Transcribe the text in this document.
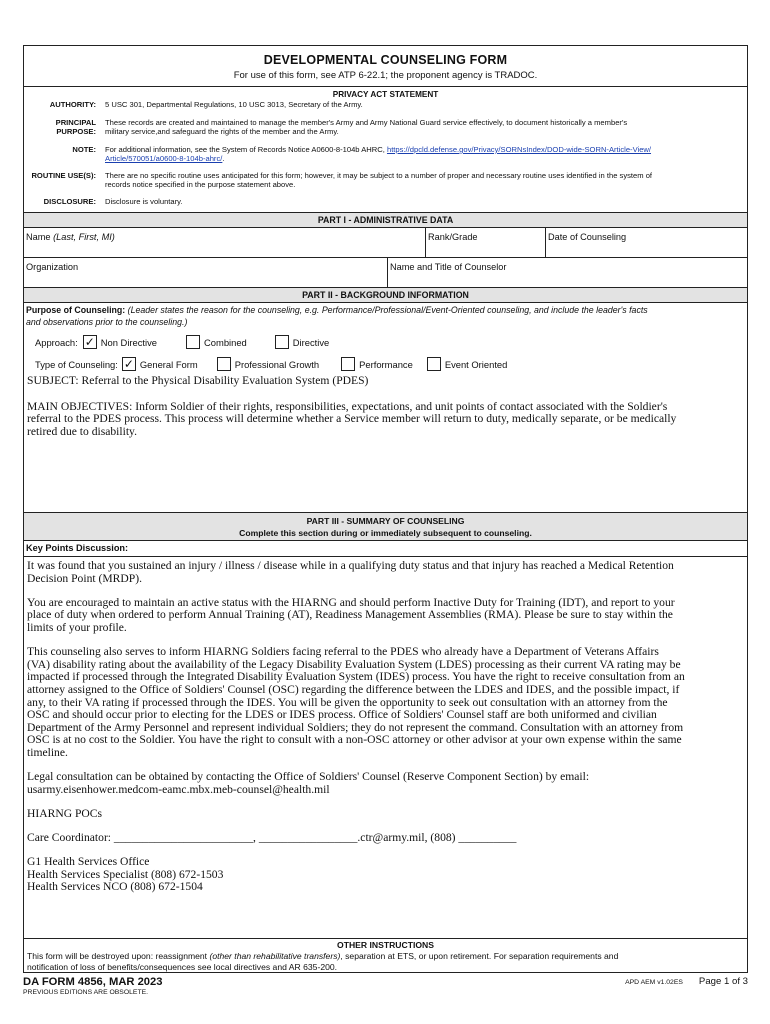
DEVELOPMENTAL COUNSELING FORM
For use of this form, see ATP 6-22.1; the proponent agency is TRADOC.
PRIVACY ACT STATEMENT
AUTHORITY:	5 USC 301, Departmental Regulations, 10 USC 3013, Secretary of the Army.
PRINCIPAL
PURPOSE:
These records are created and maintained to manage the member's Army and Army National Guard service effectively, to document historically a member's
military service,and safeguard the rights of the member and the Army.
NOTE: For additional information, see the System of Records Notice A0600-8-104b AHRC, https://dpcld.defense.gov/Privacy/SORNsIndex/DOD-wide-SORN-Article-View/
Article/570051/a0600-8-104b-ahrc/.
ROUTINE USE(S): There are no specific routine uses anticipated for this form; however, it may be subject to a number of proper and necessary routine uses identified in the system of
records notice specified in the purpose statement above.
DISCLOSURE:	Disclosure is voluntary.
PART I - ADMINISTRATIVE DATA
Name (Last, First, MI)	Rank/Grade	Date of Counseling
Organization	Name and Title of Counselor
PART II - BACKGROUND INFORMATION
Purpose of Counseling: (Leader states the reason for the counseling, e.g. Performance/Professional/Event-Oriented counseling, and include the leader's facts
and observations prior to the counseling.)
Approach: ✓ Non Directive	Combined	Directive
Type of Counseling: ✓ General Form	Professional Growth	Performance	Event Oriented
SUBJECT: Referral to the Physical Disability Evaluation System (PDES)
MAIN OBJECTIVES: Inform Soldier of their rights, responsibilities, expectations, and unit points of contact associated with the Soldier's
referral to the PDES process. This process will determine whether a Service member will return to duty, medically separate, or be medically
retired due to disability.
PART III - SUMMARY OF COUNSELING
Complete this section during or immediately subsequent to counseling.
Key Points Discussion:

It was found that you sustained an injury / illness / disease while in a qualifying duty status and that injury has reached a Medical Retention
Decision Point (MRDP).

You are encouraged to maintain an active status with the HIARNG and should perform Inactive Duty for Training (IDT), and report to your
place of duty when ordered to perform Annual Training (AT), Readiness Management Assemblies (RMA). Please be sure to stay within the
limits of your profile.

This counseling also serves to inform HIARNG Soldiers facing referral to the PDES who already have a Department of Veterans Affairs
(VA) disability rating about the availability of the Legacy Disability Evaluation System (LDES) processing as their current VA rating may be
impacted if processed through the Integrated Disability Evaluation System (IDES) process. You have the right to receive consultation from an
attorney assigned to the Office of Soldiers' Counsel (OSC) regarding the difference between the LDES and IDES, and the possible impact, if
any, to their VA rating if processed through the IDES. You will be given the opportunity to seek out consultation with an attorney from the
OSC and should occur prior to electing for the LDES or IDES process. Office of Soldiers' Counsel staff are both uniformed and civilian
Department of the Army Personnel and represent individual Soldiers; they do not represent the command. Consultation with an attorney from
OSC is at no cost to the Soldier. You have the right to consult with a non-OSC attorney or other advisor at your own expense within the same
timeline.

Legal consultation can be obtained by contacting the Office of Soldiers' Counsel (Reserve Component Section) by email:
usarmy.eisenhower.medcom-eamc.mbx.meb-counsel@health.mil

HIARNG POCs

Care Coordinator: ________________________, _________________.ctr@army.mil, (808) __________

G1 Health Services Office
Health Services Specialist (808) 672-1503
Health Services NCO (808) 672-1504

OTHER INSTRUCTIONS
This form will be destroyed upon: reassignment (other than rehabilitative transfers), separation at ETS, or upon retirement. For separation requirements and
notification of loss of benefits/consequences see local directives and AR 635-200.
DA FORM 4856, MAR 2023
PREVIOUS EDITIONS ARE OBSOLETE.
APD AEM v1.02ES Page 1 of 3
